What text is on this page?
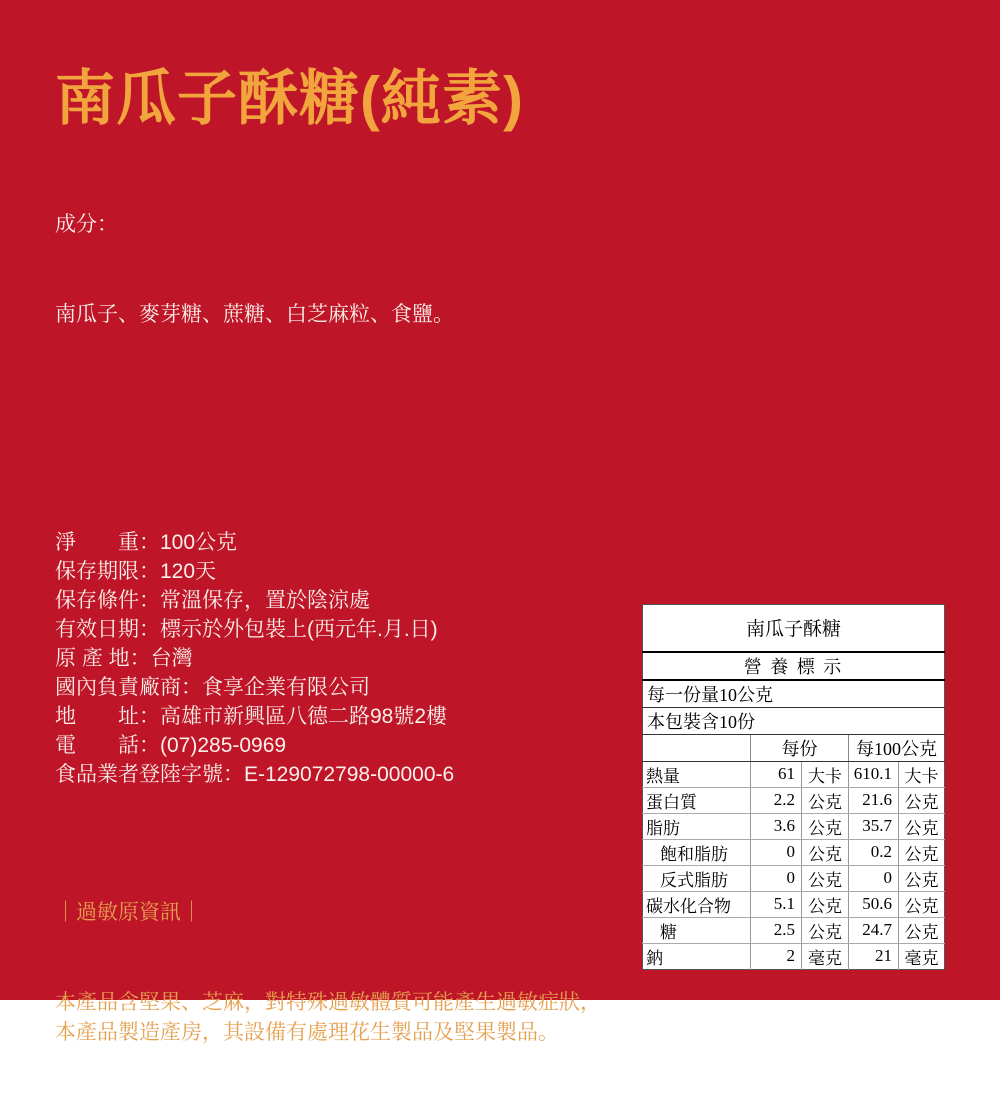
南瓜子酥糖(純素)

成分：

南瓜子、麥芽糖、蔗糖、白芝麻粒、食鹽。

淨　　重：100公克
保存期限：120天
保存條件：常溫保存，置於陰涼處
有效日期：標示於外包裝上(西元年.月.日)
原 產 地：台灣
國內負責廠商：食享企業有限公司
地　　址：高雄市新興區八德二路98號2樓
電　　話：(07)285-0969
食品業者登陸字號：E-129072798-00000-6

｜過敏原資訊｜

本產品含堅果、芝麻，對特殊過敏體質可能產生過敏症狀，
本產品製造產房，其設備有處理花生製品及堅果製品。

南瓜子酥糖				
營 養 標 示				
每一份量10公克				
本包裝含10份				
	每份		每100公克	
熱量	61	大卡	610.1	大卡
蛋白質	2.2	公克	21.6	公克
脂肪	3.6	公克	35.7	公克
飽和脂肪	0	公克	0.2	公克
反式脂肪	0	公克	0	公克
碳水化合物	5.1	公克	50.6	公克
糖	2.5	公克	24.7	公克
鈉	2	毫克	21	毫克
